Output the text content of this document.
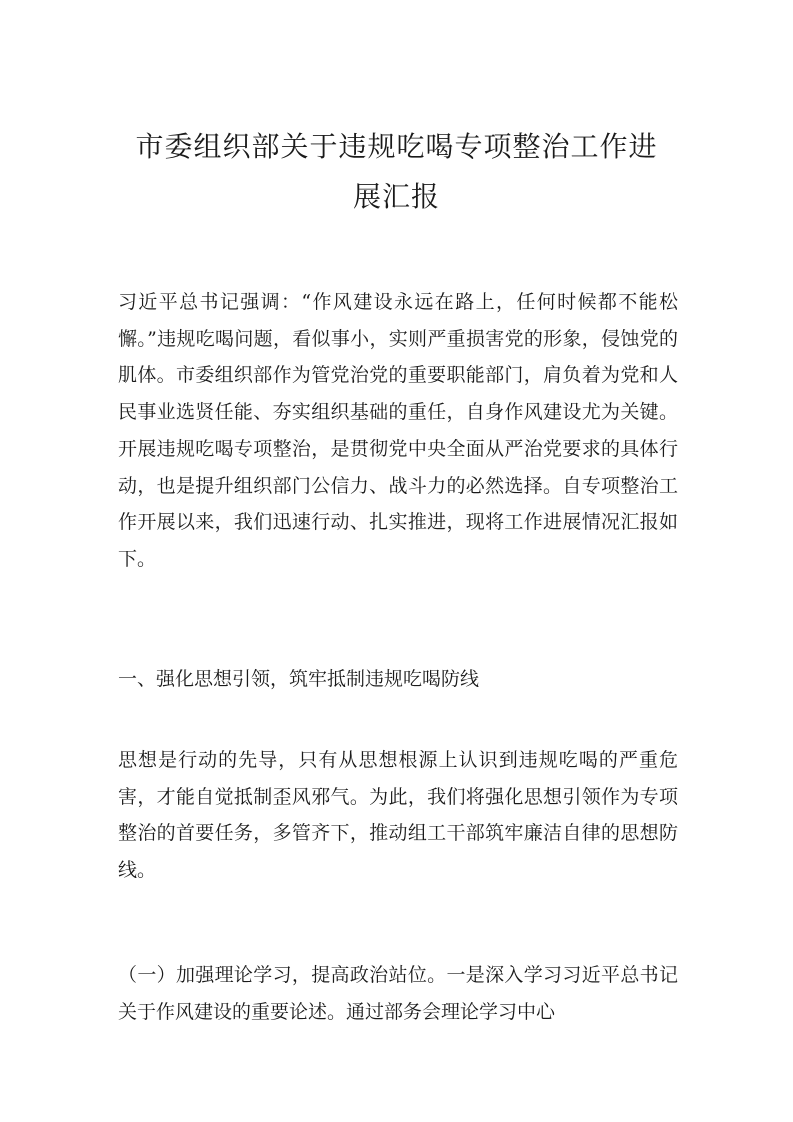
市委组织部关于违规吃喝专项整治工作进
展汇报
习近平总书记强调：“作风建设永远在路上，任何时候都不能松懈。”违规吃喝问题，看似事小，实则严重损害党的形象，侵蚀党的肌体。市委组织部作为管党治党的重要职能部门，肩负着为党和人民事业选贤任能、夯实组织基础的重任，自身作风建设尤为关键。开展违规吃喝专项整治，是贯彻党中央全面从严治党要求的具体行动，也是提升组织部门公信力、战斗力的必然选择。自专项整治工作开展以来，我们迅速行动、扎实推进，现将工作进展情况汇报如下。
一、强化思想引领，筑牢抵制违规吃喝防线
思想是行动的先导，只有从思想根源上认识到违规吃喝的严重危害，才能自觉抵制歪风邪气。为此，我们将强化思想引领作为专项整治的首要任务，多管齐下，推动组工干部筑牢廉洁自律的思想防线。
（一）加强理论学习，提高政治站位。一是深入学习习近平总书记关于作风建设的重要论述。通过部务会理论学习中心
